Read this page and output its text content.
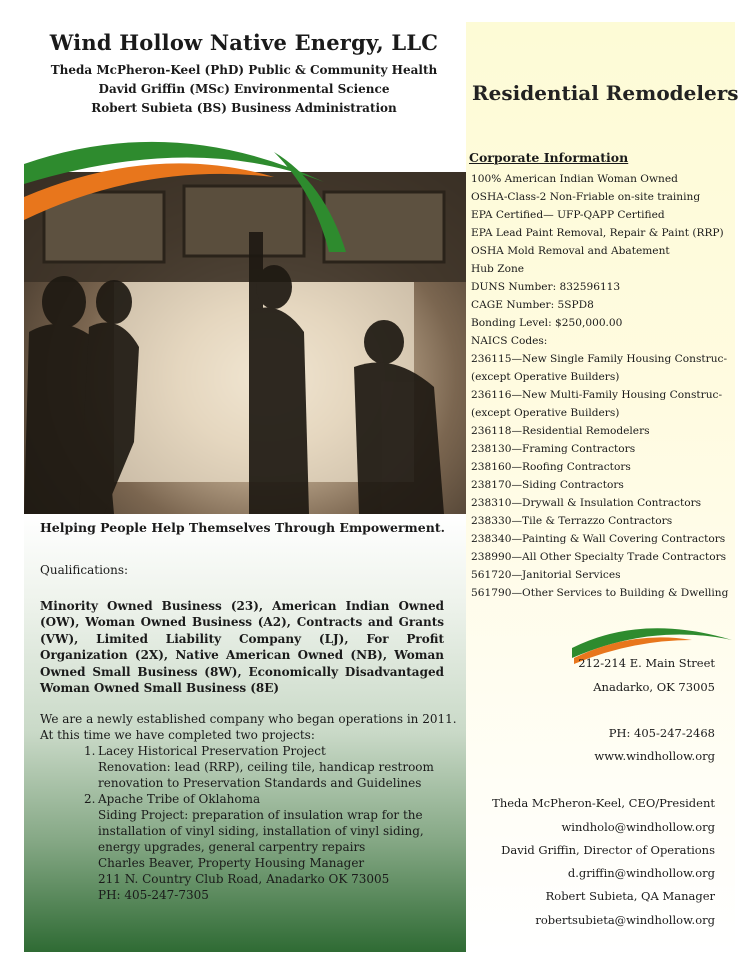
Wind Hollow Native Energy, LLC

Theda McPheron-Keel (PhD) Public & Community Health

David Griffin (MSc) Environmental Science

Robert Subieta (BS) Business Administration

Helping People Help Themselves Through Empowerment.
Qualifications:
Minority Owned Business (23), American Indian Owned (OW), Woman Owned Business (A2), Contracts and Grants (VW), Limited Liability Company (LJ), For Profit Organization (2X), Native American Owned (NB), Woman Owned Small Business (8W), Economically Disadvantaged Woman Owned Small Business (8E)
We are a newly established company who began operations in 2011. At this time we have completed two projects:
1. Lacey Historical Preservation Project
Renovation: lead (RRP), ceiling tile, handicap restroom renovation to Preservation Standards and Guidelines
2. Apache Tribe of Oklahoma
Siding Project: preparation of insulation wrap for the installation of vinyl siding, installation of vinyl siding, energy upgrades, general carpentry repairs
Charles Beaver, Property Housing Manager
211 N. Country Club Road, Anadarko OK 73005
PH: 405-247-7305
Residential Remodelers
Corporate Information
100% American Indian Woman Owned
OSHA-Class-2 Non-Friable on-site training
EPA Certified— UFP-QAPP Certified
EPA Lead Paint Removal, Repair & Paint (RRP)
OSHA Mold Removal and Abatement
Hub Zone
DUNS Number: 832596113
CAGE Number: 5SPD8
Bonding Level: $250,000.00
NAICS Codes:
236115—New Single Family Housing Construc-
(except Operative Builders)
236116—New Multi-Family Housing Construc-
(except Operative Builders)
236118—Residential Remodelers
238130—Framing Contractors
238160—Roofing Contractors
238170—Siding Contractors
238310—Drywall & Insulation Contractors
238330—Tile & Terrazzo Contractors
238340—Painting & Wall Covering Contractors
238990—All Other Specialty Trade Contractors
561720—Janitorial Services
561790—Other Services to Building & Dwelling
212-214 E. Main Street
Anadarko, OK 73005
PH: 405-247-2468
www.windhollow.org
Theda McPheron-Keel, CEO/President
windholo@windhollow.org
David Griffin, Director of Operations
d.griffin@windhollow.org
Robert Subieta, QA Manager
robertsubieta@windhollow.org
